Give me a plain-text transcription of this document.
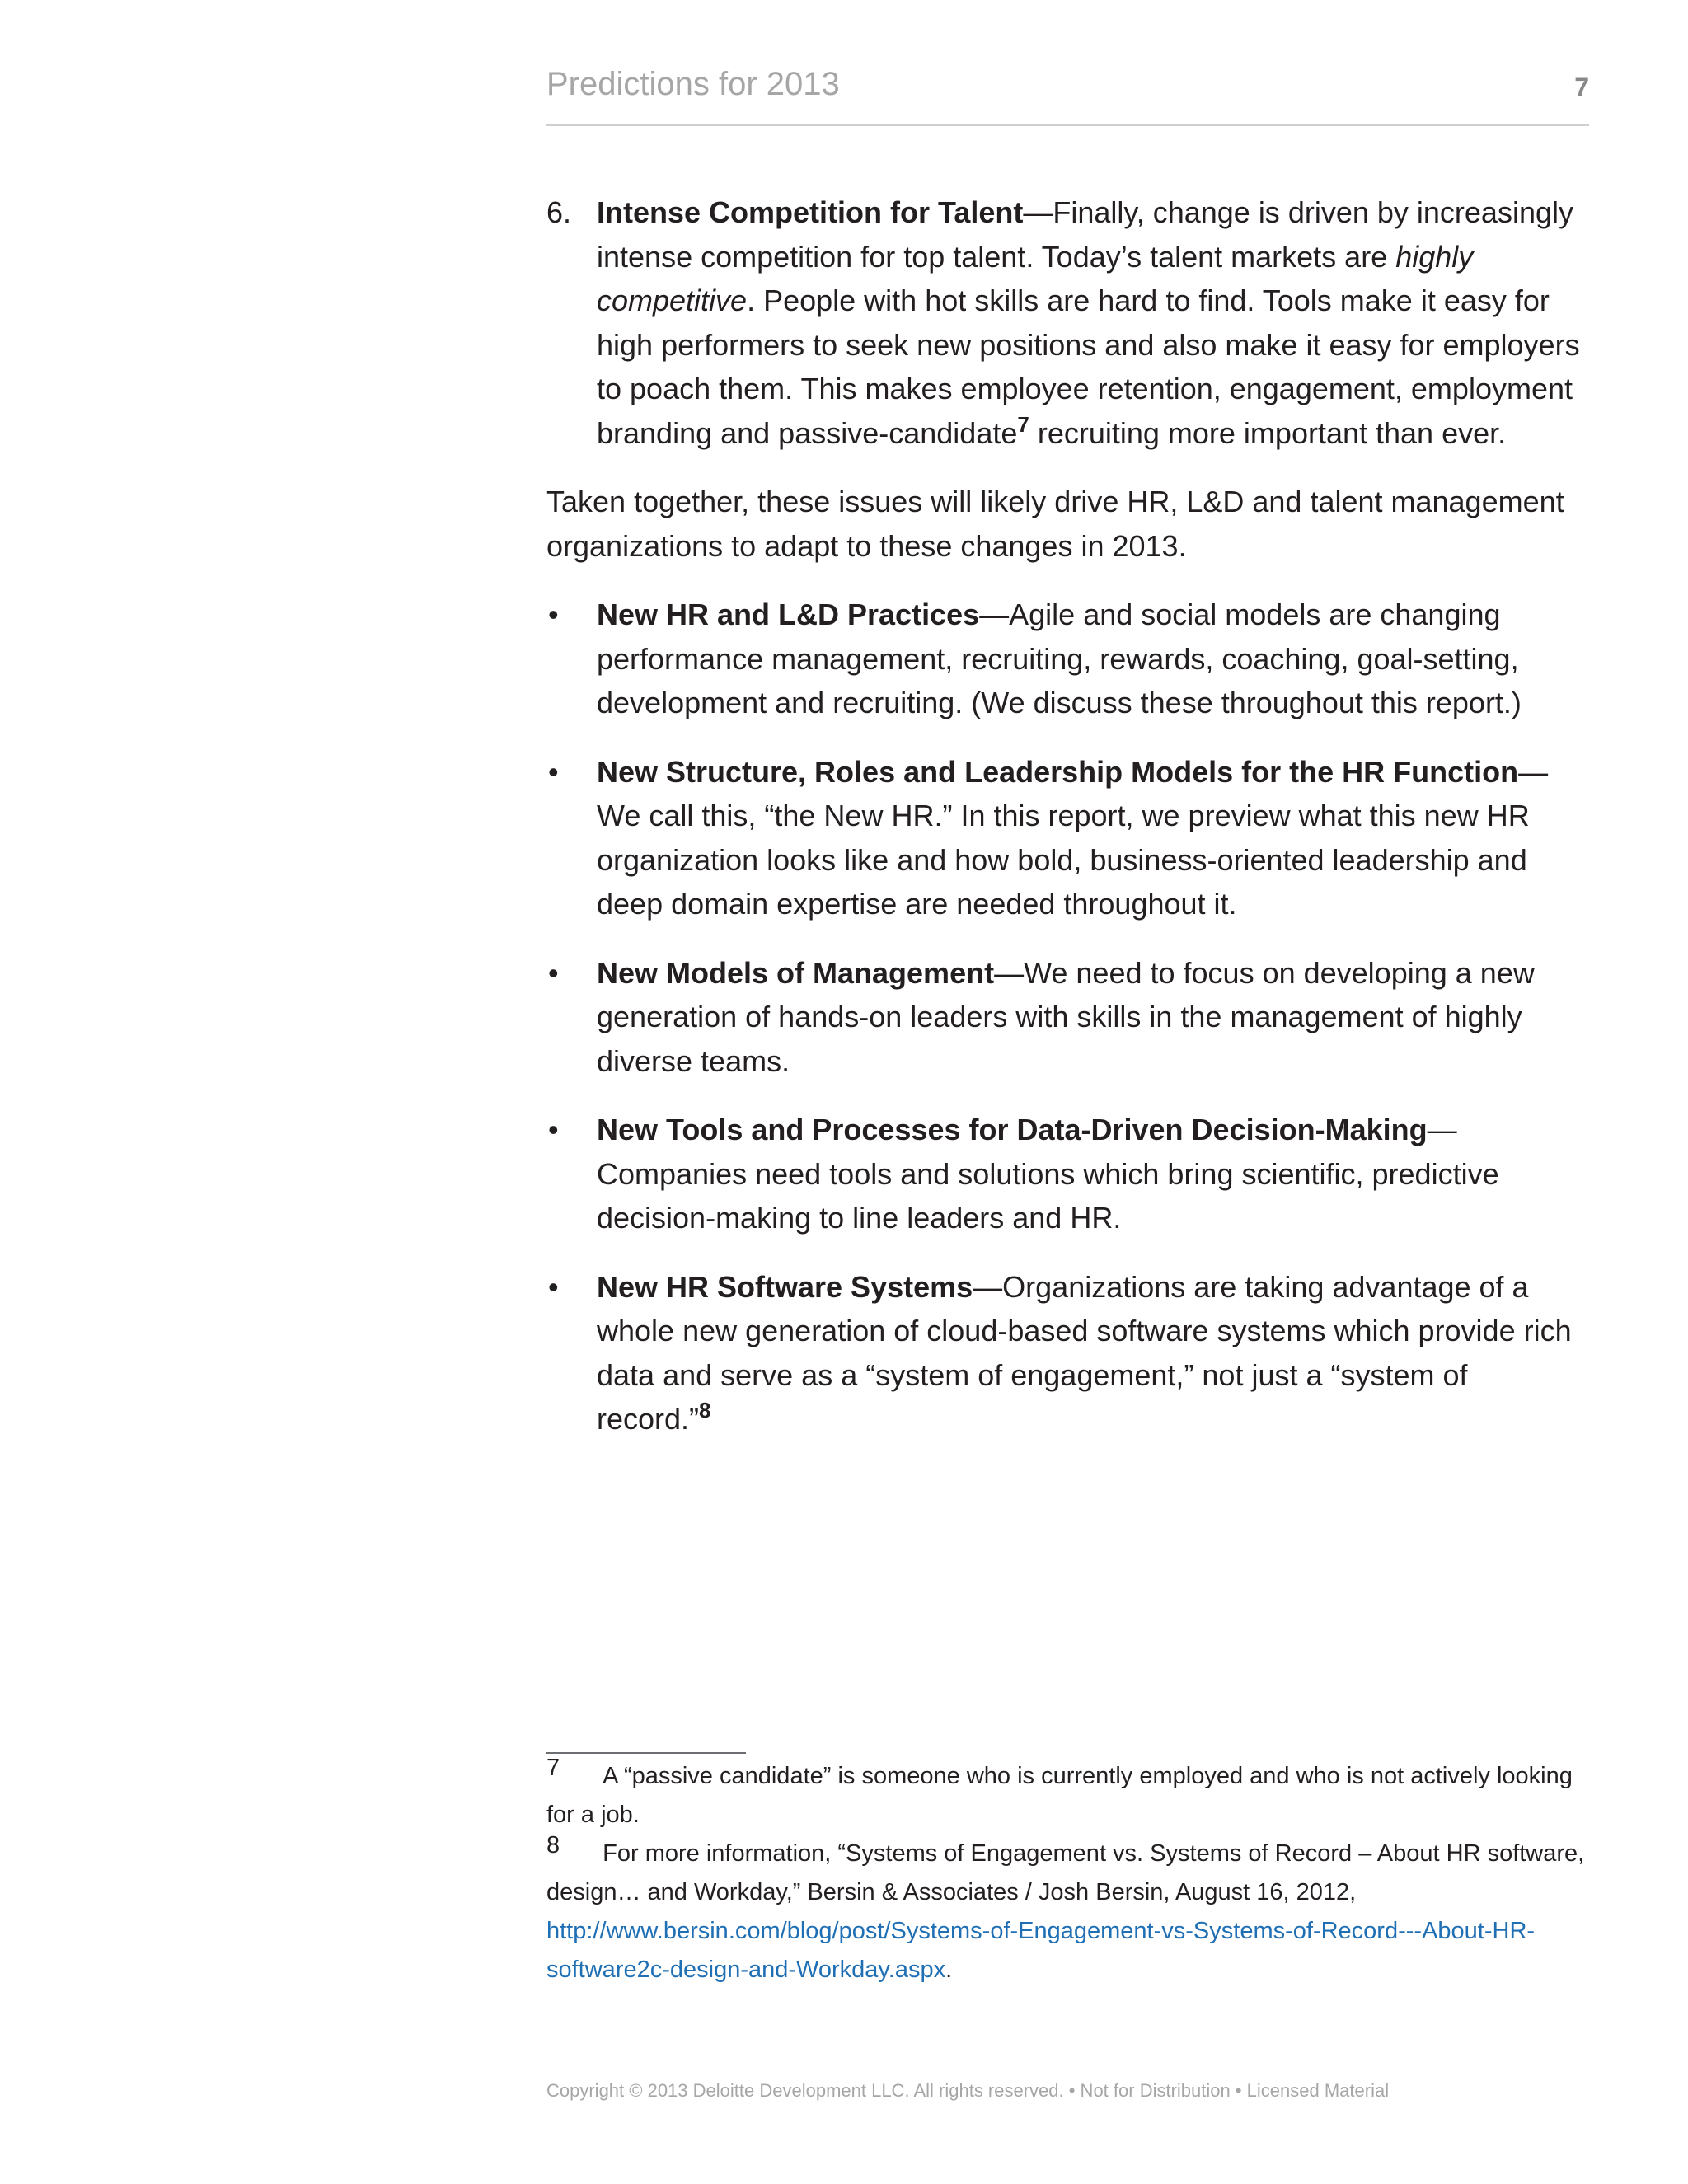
Predictions for 2013	7
6. Intense Competition for Talent—Finally, change is driven by increasingly intense competition for top talent. Today’s talent markets are highly competitive. People with hot skills are hard to find. Tools make it easy for high performers to seek new positions and also make it easy for employers to poach them. This makes employee retention, engagement, employment branding and passive-candidate$^7$ recruiting more important than ever.

Taken together, these issues will likely drive HR, L&D and talent management organizations to adapt to these changes in 2013.

• New HR and L&D Practices—Agile and social models are changing performance management, recruiting, rewards, coaching, goal-setting, development and recruiting. (We discuss these throughout this report.)
• New Structure, Roles and Leadership Models for the HR Function—We call this, “the New HR.” In this report, we preview what this new HR organization looks like and how bold, business-oriented leadership and deep domain expertise are needed throughout it.
• New Models of Management—We need to focus on developing a new generation of hands-on leaders with skills in the management of highly diverse teams.
• New Tools and Processes for Data-Driven Decision-Making—Companies need tools and solutions which bring scientific, predictive decision-making to line leaders and HR.
• New HR Software Systems—Organizations are taking advantage of a whole new generation of cloud-based software systems which provide rich data and serve as a “system of engagement,” not just a “system of record.”$^8$
7 A “passive candidate” is someone who is currently employed and who is not actively looking for a job.
8 For more information, “Systems of Engagement vs. Systems of Record – About HR software, design… and Workday,” Bersin & Associates / Josh Bersin, August 16, 2012, http://www.bersin.com/blog/post/Systems-of-Engagement-vs-Systems-of-Record---About-HR-software2c-design-and-Workday.aspx.
Copyright © 2013 Deloitte Development LLC. All rights reserved. • Not for Distribution • Licensed Material
